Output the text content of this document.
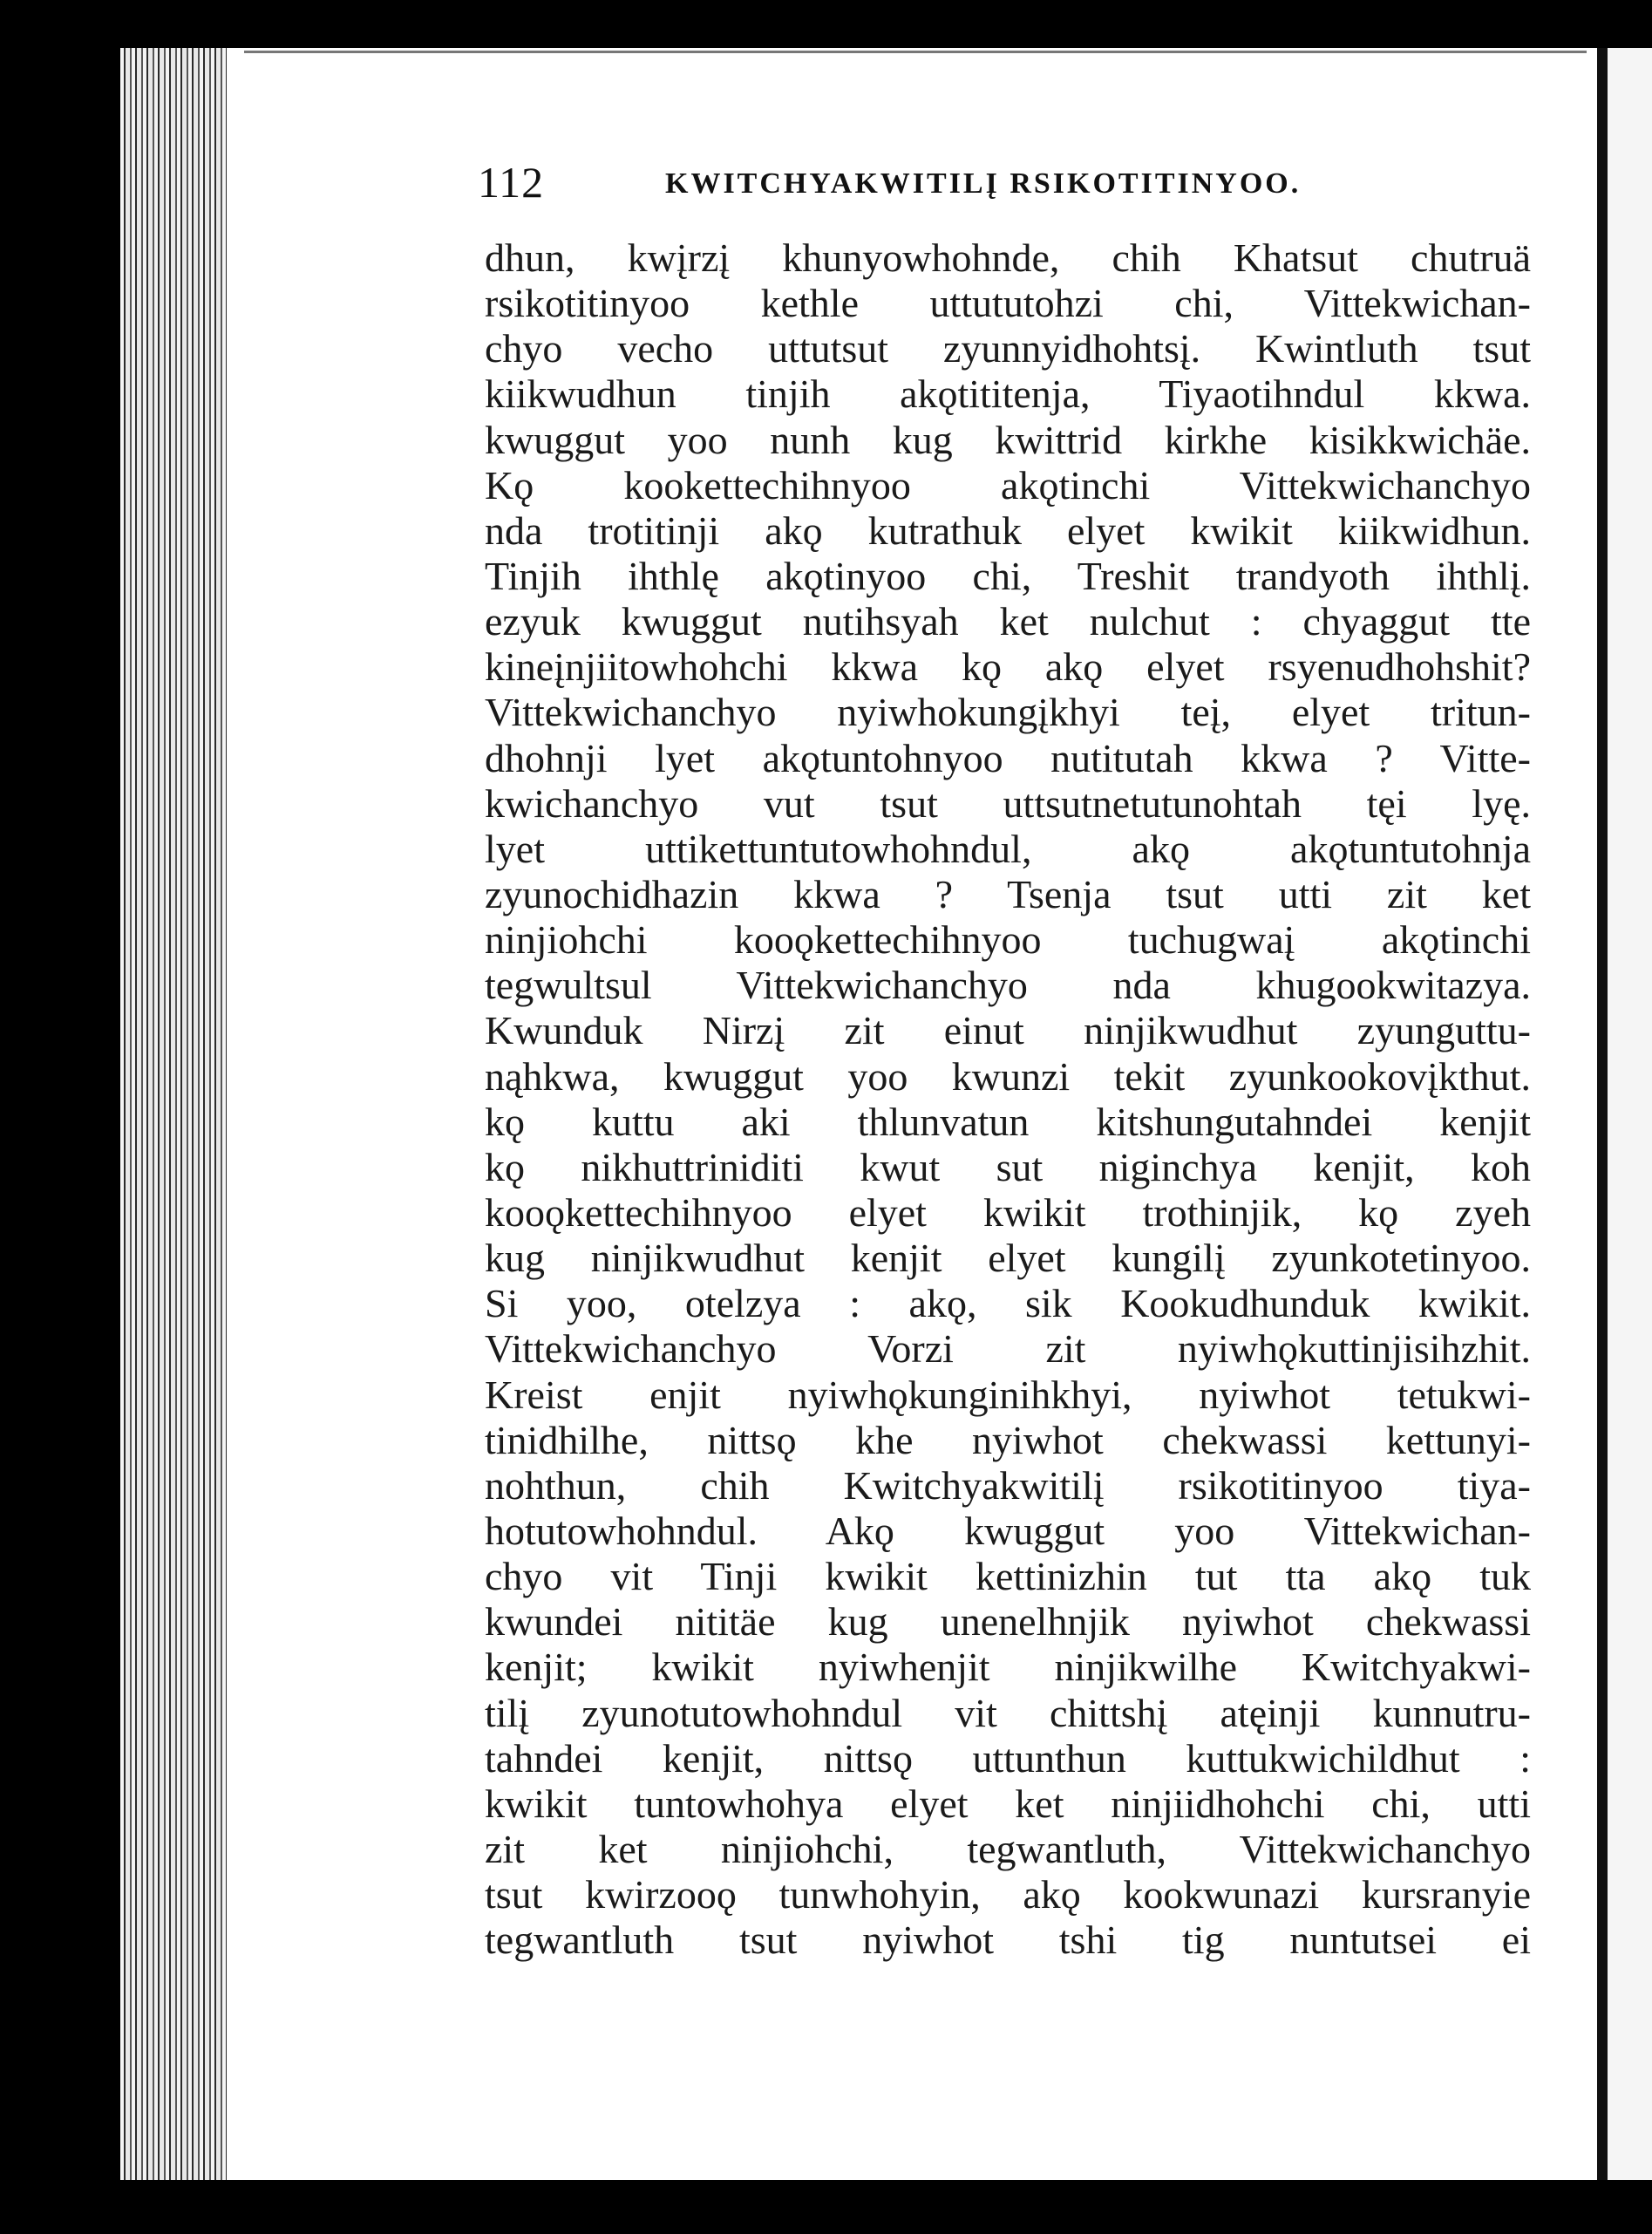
112	KWITCHYAKWITILĮ RSIKOTITINYOO.
dhun, kwįrzį khunyowhohnde, chih Khatsut chutruä
rsikotitinyoo kethle uttututohzi chi, Vittekwichan-
chyo vecho uttutsut zyunnyidhohtsį. Kwintluth tsut
kiikwudhun tinjih akǫtititenja, Tiyaotihndul kkwa.
kwuggut yoo nunh kug kwittrid kirkhe kisikkwichäe.
Kǫ kookettechihnyoo akǫtinchi Vittekwichanchyo
nda trotitinji akǫ kutrathuk elyet kwikit kiikwidhun.
Tinjih ihthlę akǫtinyoo chi, Treshit trandyoth ihthlį.
ezyuk kwuggut nutihsyah ket nulchut : chyaggut tte
kineįnjiitowhohchi kkwa kǫ akǫ elyet rsyenudhohshit?
Vittekwichanchyo nyiwhokungįkhyi teį, elyet tritun-
dhohnji lyet akǫtuntohnyoo nutitutah kkwa ? Vitte-
kwichanchyo vut tsut uttsutnetutunohtah tęi lyę.
lyet uttikettuntutowhohndul, akǫ akǫtuntutohnja
zyunochidhazin kkwa ? Tsenja tsut utti zit ket
ninjiohchi kooǫkettechihnyoo tuchugwaį akǫtinchi
tegwultsul Vittekwichanchyo nda khugookwitazya.
Kwunduk Nirzį zit einut ninjikwudhut zyunguttu-
nąhkwa, kwuggut yoo kwunzi tekit zyunkookovįkthut.
kǫ kuttu aki thlunvatun kitshungutahndei kenjit
kǫ nikhuttriniditi kwut sut niginchya kenjit, koh
kooǫkettechihnyoo elyet kwikit trothinjik, kǫ zyeh
kug ninjikwudhut kenjit elyet kungilį zyunkotetinyoo.
Si yoo, otelzya : akǫ, sik Kookudhunduk kwikit.
Vittekwichanchyo Vorzi zit nyiwhǫkuttinjisihzhit.
Kreist enjit nyiwhǫkunginihkhyi, nyiwhot tetukwi-
tinidhilhe, nittsǫ khe nyiwhot chekwassi kettunyi-
nohthun, chih Kwitchyakwitilį rsikotitinyoo tiya-
hotutowhohndul. Akǫ kwuggut yoo Vittekwichan-
chyo vit Tinji kwikit kettinizhin tut tta akǫ tuk
kwundei nititäe kug unenelhnjik nyiwhot chekwassi
kenjit; kwikit nyiwhenjit ninjikwilhe Kwitchyakwi-
tilį zyunotutowhohndul vit chittshį atęinji kunnutru-
tahndei kenjit, nittsǫ uttunthun kuttukwichildhut :
kwikit tuntowhohya elyet ket ninjiidhohchi chi, utti
zit ket ninjiohchi, tegwantluth, Vittekwichanchyo
tsut kwirzooǫ tunwhohyin, akǫ kookwunazi kursranyie
tegwantluth tsut nyiwhot tshi tig nuntutsei ei
